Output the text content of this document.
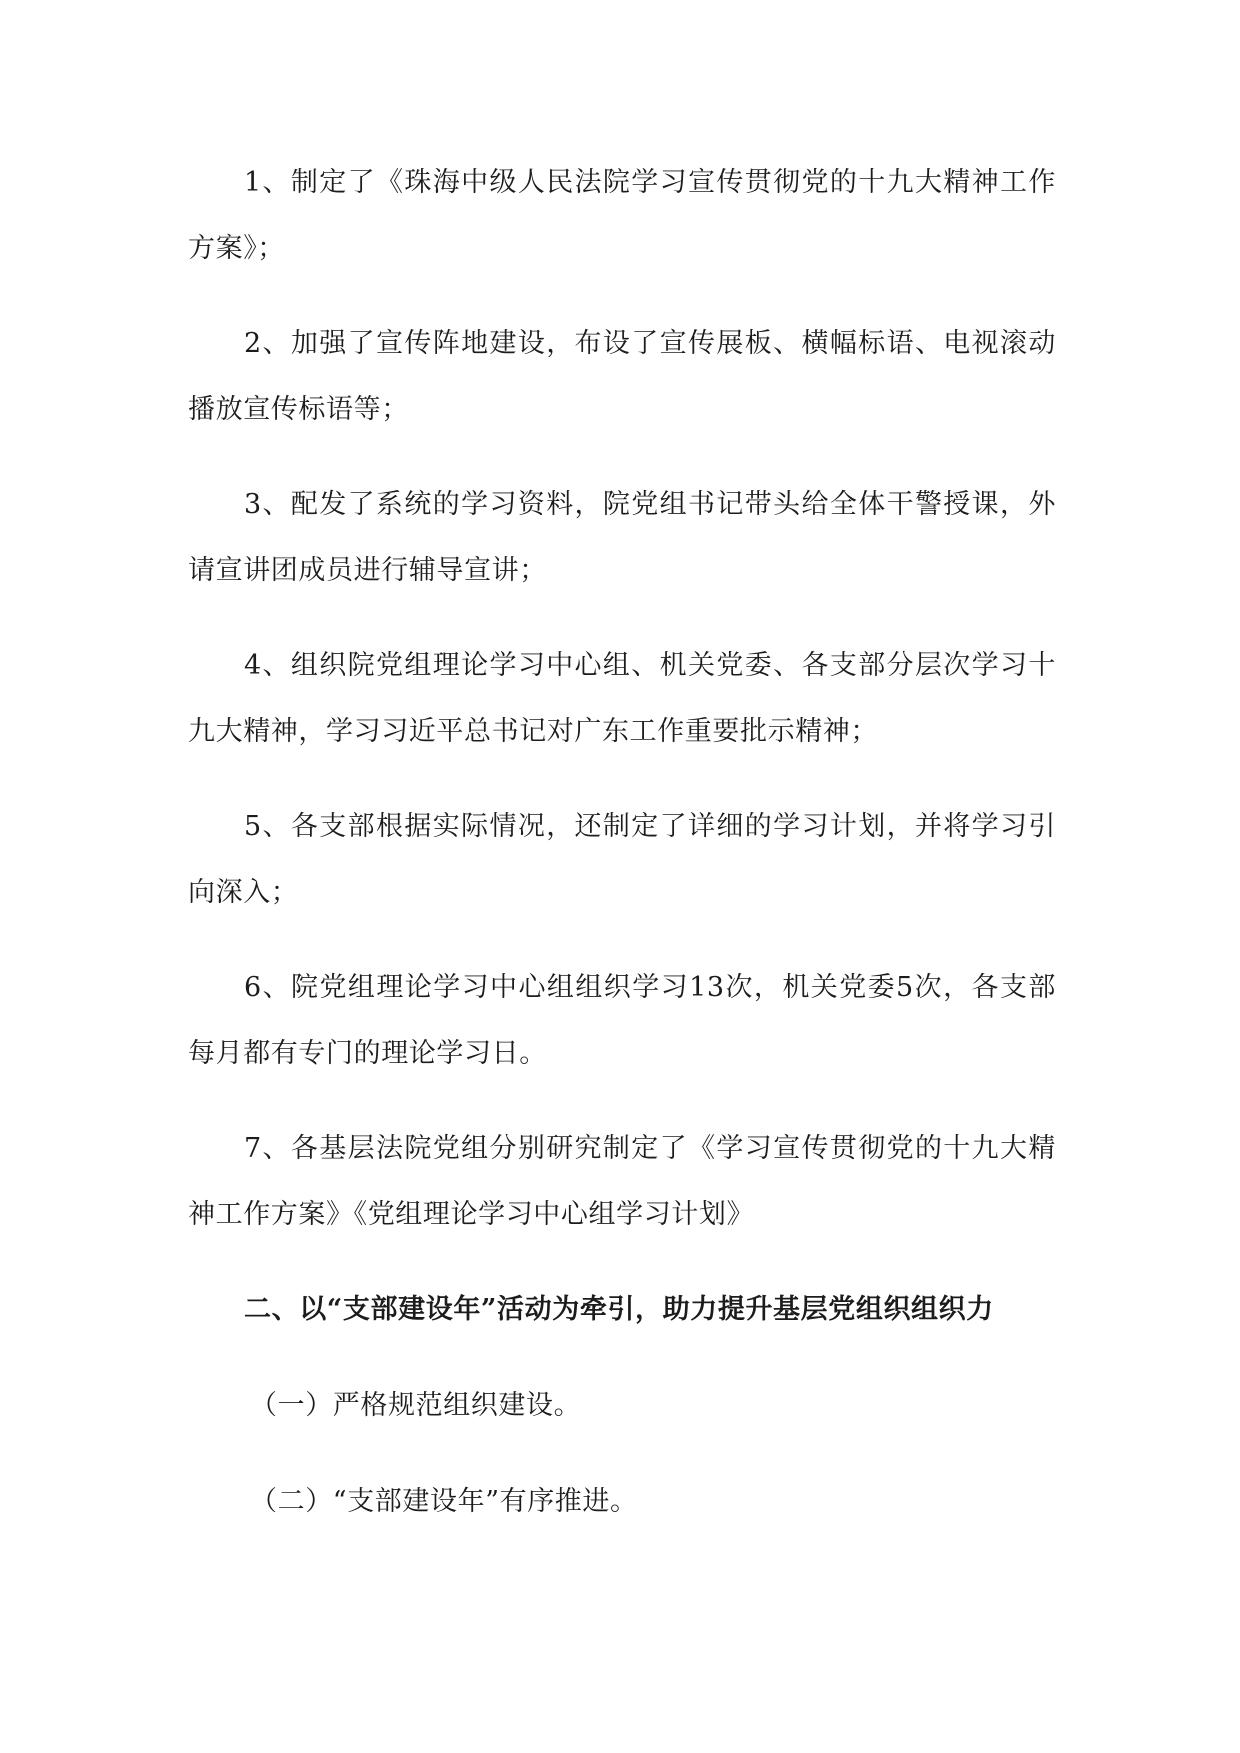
1、制定了《珠海中级人民法院学习宣传贯彻党的十九大精神工作方案》；

2、加强了宣传阵地建设，布设了宣传展板、横幅标语、电视滚动播放宣传标语等；

3、配发了系统的学习资料，院党组书记带头给全体干警授课，外请宣讲团成员进行辅导宣讲；

4、组织院党组理论学习中心组、机关党委、各支部分层次学习十九大精神，学习习近平总书记对广东工作重要批示精神；

5、各支部根据实际情况，还制定了详细的学习计划，并将学习引向深入；

6、院党组理论学习中心组组织学习13次，机关党委5次，各支部每月都有专门的理论学习日。

7、各基层法院党组分别研究制定了《学习宣传贯彻党的十九大精神工作方案》《党组理论学习中心组学习计划》

二、以“支部建设年”活动为牵引，助力提升基层党组织组织力

（一）严格规范组织建设。

（二）“支部建设年”有序推进。
